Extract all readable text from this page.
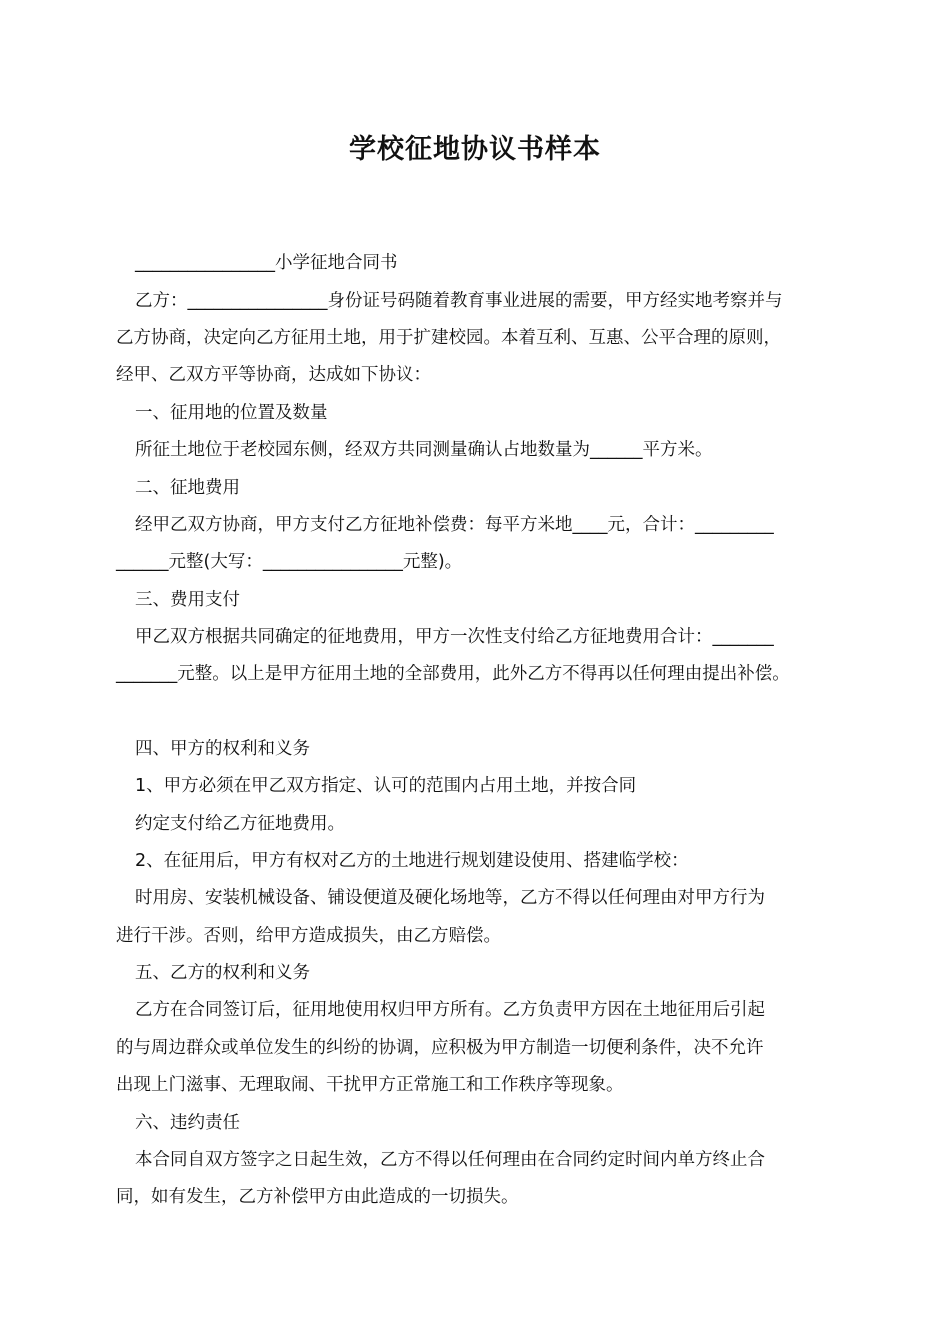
学校征地协议书样本

________________小学征地合同书

乙方：________________身份证号码随着教育事业进展的需要，甲方经实地考察并与

乙方协商，决定向乙方征用土地，用于扩建校园。本着互利、互惠、公平合理的原则，

经甲、乙双方平等协商，达成如下协议：

一、征用地的位置及数量

所征土地位于老校园东侧，经双方共同测量确认占地数量为______平方米。

二、征地费用

经甲乙双方协商，甲方支付乙方征地补偿费：每平方米地____元，合计：_________

______元整(大写：________________元整)。

三、费用支付

甲乙双方根据共同确定的征地费用，甲方一次性支付给乙方征地费用合计：_______

_______元整。以上是甲方征用土地的全部费用，此外乙方不得再以任何理由提出补偿。

四、甲方的权利和义务

1、甲方必须在甲乙双方指定、认可的范围内占用土地，并按合同

约定支付给乙方征地费用。

2、在征用后，甲方有权对乙方的土地进行规划建设使用、搭建临学校：

时用房、安装机械设备、铺设便道及硬化场地等，乙方不得以任何理由对甲方行为

进行干涉。否则，给甲方造成损失，由乙方赔偿。

五、乙方的权利和义务

乙方在合同签订后，征用地使用权归甲方所有。乙方负责甲方因在土地征用后引起

的与周边群众或单位发生的纠纷的协调，应积极为甲方制造一切便利条件，决不允许

出现上门滋事、无理取闹、干扰甲方正常施工和工作秩序等现象。

六、违约责任

本合同自双方签字之日起生效，乙方不得以任何理由在合同约定时间内单方终止合

同，如有发生，乙方补偿甲方由此造成的一切损失。
